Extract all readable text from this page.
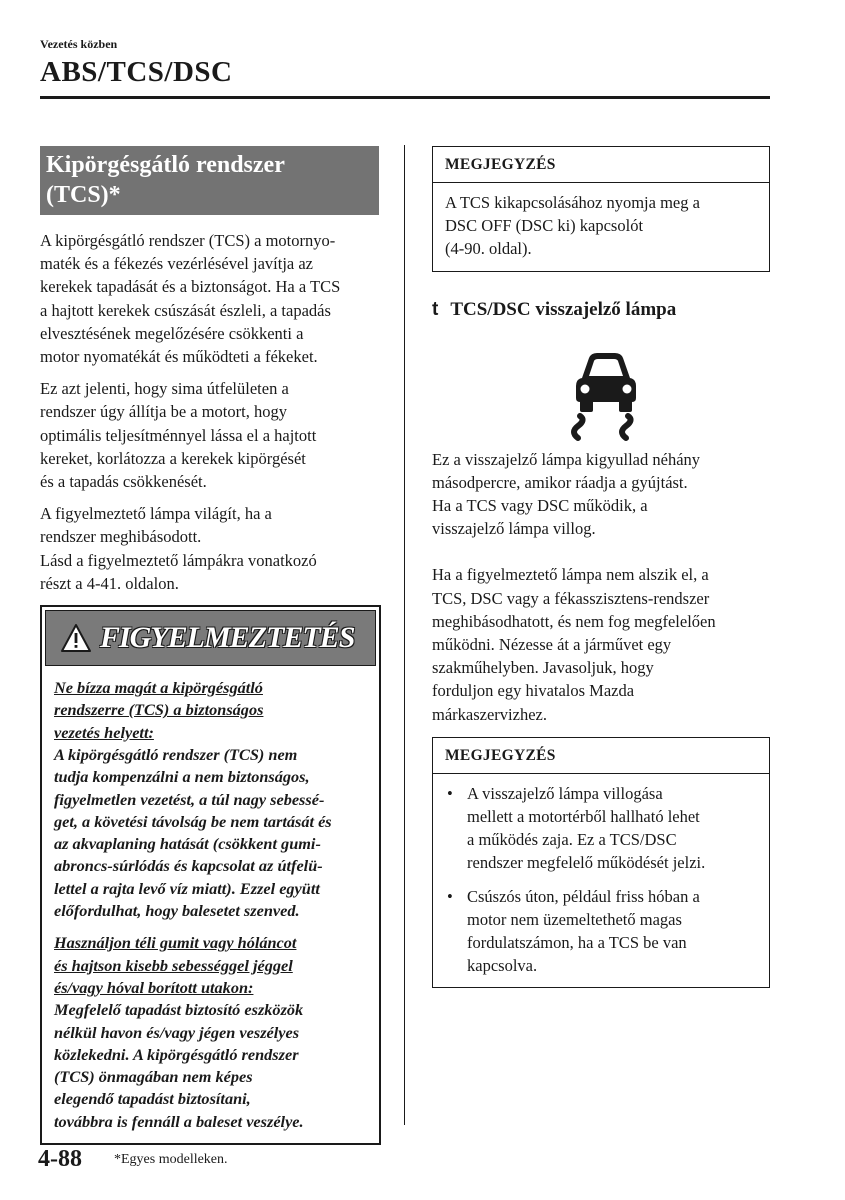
Vezetés közben
ABS/TCS/DSC
Kipörgésgátló rendszer
(TCS)*
A kipörgésgátló rendszer (TCS) a motornyo-
maték és a fékezés vezérlésével javítja az
kerekek tapadását és a biztonságot. Ha a TCS
a hajtott kerekek csúszását észleli, a tapadás
elvesztésének megelőzésére csökkenti a
motor nyomatékát és működteti a fékeket.
Ez azt jelenti, hogy sima útfelületen a
rendszer úgy állítja be a motort, hogy
optimális teljesítménnyel lássa el a hajtott
kereket, korlátozza a kerekek kipörgését
és a tapadás csökkenését.
A figyelmeztető lámpa világít, ha a
rendszer meghibásodott.
Lásd a figyelmeztető lámpákra vonatkozó
részt a 4-41. oldalon.
FIGYELMEZTETÉS
Ne bízza magát a kipörgésgátló
rendszerre (TCS) a biztonságos
vezetés helyett:
A kipörgésgátló rendszer (TCS) nem
tudja kompenzálni a nem biztonságos,
figyelmetlen vezetést, a túl nagy sebessé-
get, a követési távolság be nem tartását és
az akvaplaning hatását (csökkent gumi-
abroncs-súrlódás és kapcsolat az útfelü-
lettel a rajta levő víz miatt). Ezzel együtt
előfordulhat, hogy balesetet szenved.
Használjon téli gumit vagy hóláncot
és hajtson kisebb sebességgel jéggel
és/vagy hóval borított utakon:
Megfelelő tapadást biztosító eszközök
nélkül havon és/vagy jégen veszélyes
közlekedni. A kipörgésgátló rendszer
(TCS) önmagában nem képes
elegendő tapadást biztosítani,
továbbra is fennáll a baleset veszélye.
MEGJEGYZÉS
A TCS kikapcsolásához nyomja meg a
DSC OFF (DSC ki) kapcsolót
(4-90. oldal).
t TCS/DSC visszajelző lámpa
Ez a visszajelző lámpa kigyullad néhány
másodpercre, amikor ráadja a gyújtást.
Ha a TCS vagy DSC működik, a
visszajelző lámpa villog.
Ha a figyelmeztető lámpa nem alszik el, a
TCS, DSC vagy a fékasszisztens-rendszer
meghibásodhatott, és nem fog megfelelően
működni. Nézesse át a járművet egy
szakműhelyben. Javasoljuk, hogy
forduljon egy hivatalos Mazda
márkaszervizhez.
MEGJEGYZÉS
• A visszajelző lámpa villogása
mellett a motortérből hallható lehet
a működés zaja. Ez a TCS/DSC
rendszer megfelelő működését jelzi.
• Csúszós úton, például friss hóban a
motor nem üzemeltethető magas
fordulatszámon, ha a TCS be van
kapcsolva.
4-88 *Egyes modelleken.
